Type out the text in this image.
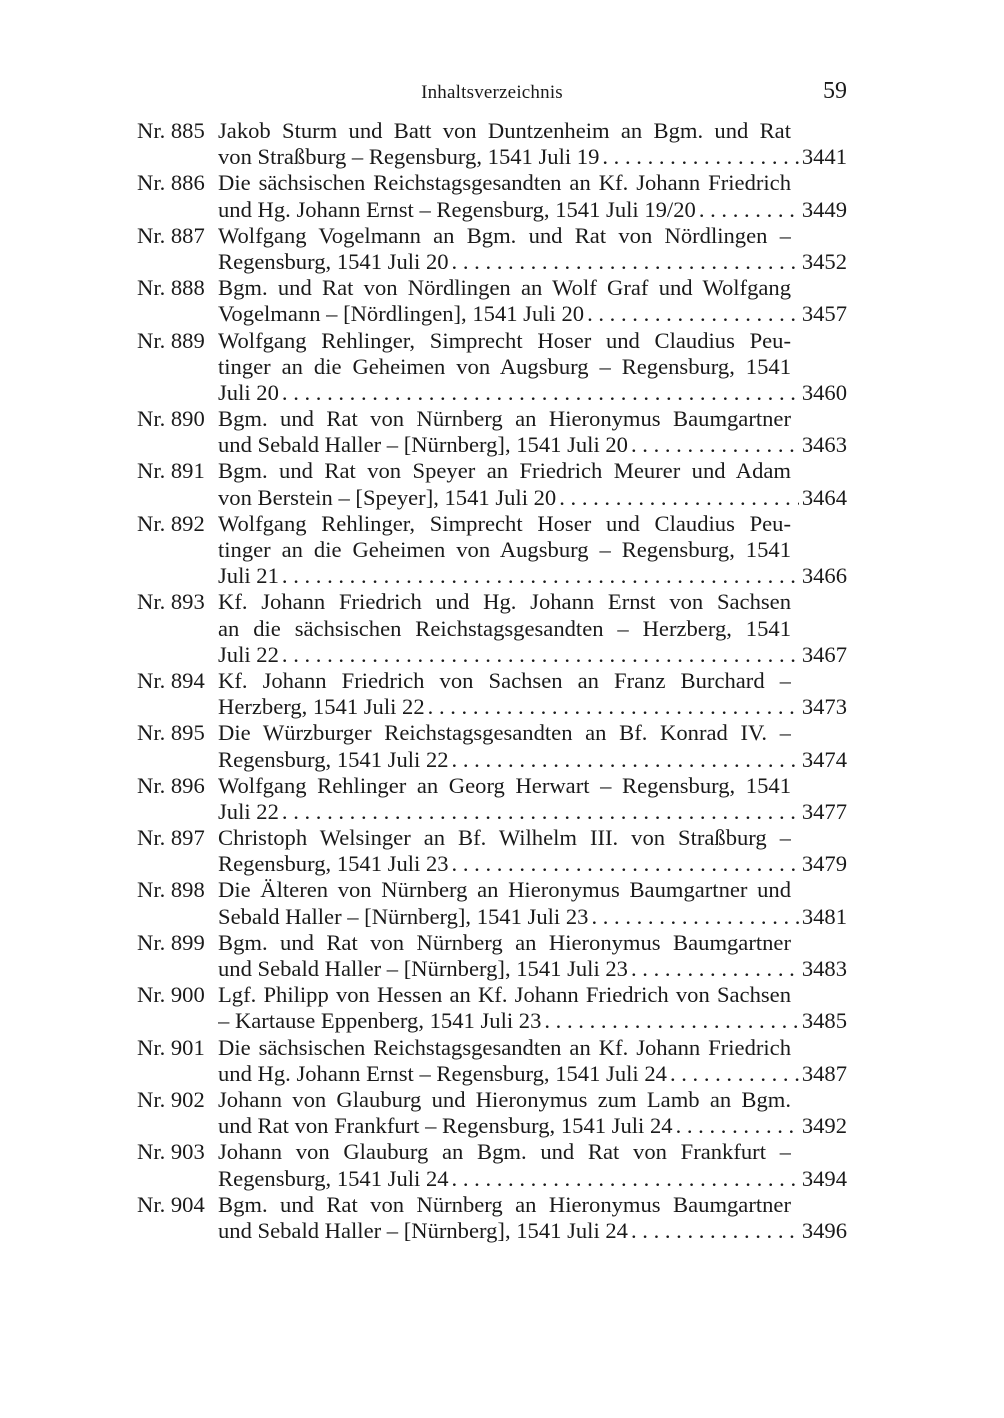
Inhaltsverzeichnis	59
Nr. 885 Jakob Sturm und Batt von Duntzenheim an Bgm. und Rat
von Straßburg – Regensburg, 1541 Juli 19 . . .	3441
Nr. 886 Die sächsischen Reichstagsgesandten an Kf. Johann Friedrich
und Hg. Johann Ernst – Regensburg, 1541 Juli 19/20 . . .	3449
Nr. 887 Wolfgang Vogelmann an Bgm. und Rat von Nördlingen –
Regensburg, 1541 Juli 20 . . .	3452
Nr. 888 Bgm. und Rat von Nördlingen an Wolf Graf und Wolfgang
Vogelmann – [Nördlingen], 1541 Juli 20 . . .	3457
Nr. 889 Wolfgang Rehlinger, Simprecht Hoser und Claudius Peu-
tinger an die Geheimen von Augsburg – Regensburg, 1541
Juli 20 . . .	3460
Nr. 890 Bgm. und Rat von Nürnberg an Hieronymus Baumgartner
und Sebald Haller – [Nürnberg], 1541 Juli 20 . . .	3463
Nr. 891 Bgm. und Rat von Speyer an Friedrich Meurer und Adam
von Berstein – [Speyer], 1541 Juli 20 . . .	3464
Nr. 892 Wolfgang Rehlinger, Simprecht Hoser und Claudius Peu-
tinger an die Geheimen von Augsburg – Regensburg, 1541
Juli 21 . . .	3466
Nr. 893 Kf. Johann Friedrich und Hg. Johann Ernst von Sachsen
an die sächsischen Reichstagsgesandten – Herzberg, 1541
Juli 22 . . .	3467
Nr. 894 Kf. Johann Friedrich von Sachsen an Franz Burchard –
Herzberg, 1541 Juli 22 . . .	3473
Nr. 895 Die Würzburger Reichstagsgesandten an Bf. Konrad IV. –
Regensburg, 1541 Juli 22 . . .	3474
Nr. 896 Wolfgang Rehlinger an Georg Herwart – Regensburg, 1541
Juli 22 . . .	3477
Nr. 897 Christoph Welsinger an Bf. Wilhelm III. von Straßburg –
Regensburg, 1541 Juli 23 . . .	3479
Nr. 898 Die Älteren von Nürnberg an Hieronymus Baumgartner und
Sebald Haller – [Nürnberg], 1541 Juli 23 . . .	3481
Nr. 899 Bgm. und Rat von Nürnberg an Hieronymus Baumgartner
und Sebald Haller – [Nürnberg], 1541 Juli 23 . . .	3483
Nr. 900 Lgf. Philipp von Hessen an Kf. Johann Friedrich von Sachsen
– Kartause Eppenberg, 1541 Juli 23 . . .	3485
Nr. 901 Die sächsischen Reichstagsgesandten an Kf. Johann Friedrich
und Hg. Johann Ernst – Regensburg, 1541 Juli 24 . . .	3487
Nr. 902 Johann von Glauburg und Hieronymus zum Lamb an Bgm.
und Rat von Frankfurt – Regensburg, 1541 Juli 24 . . .	3492
Nr. 903 Johann von Glauburg an Bgm. und Rat von Frankfurt –
Regensburg, 1541 Juli 24 . . .	3494
Nr. 904 Bgm. und Rat von Nürnberg an Hieronymus Baumgartner
und Sebald Haller – [Nürnberg], 1541 Juli 24 . . .	3496
